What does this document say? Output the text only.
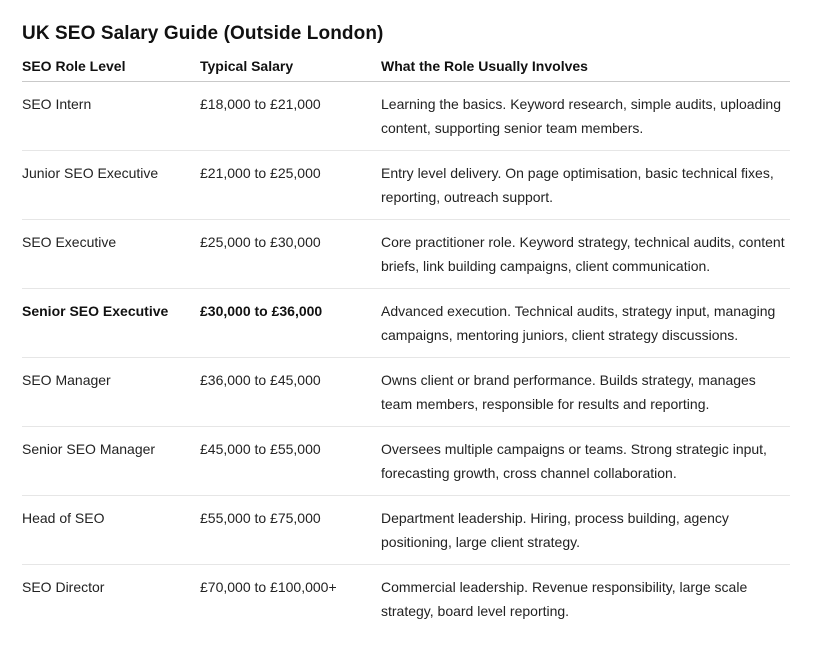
UK SEO Salary Guide (Outside London)
SEO Role Level	Typical Salary	What the Role Usually Involves
SEO Intern	£18,000 to £21,000	Learning the basics. Keyword research, simple audits, uploading content, supporting senior team members.
Junior SEO Executive	£21,000 to £25,000	Entry level delivery. On page optimisation, basic technical fixes, reporting, outreach support.
SEO Executive	£25,000 to £30,000	Core practitioner role. Keyword strategy, technical audits, content briefs, link building campaigns, client communication.
Senior SEO Executive	£30,000 to £36,000	Advanced execution. Technical audits, strategy input, managing campaigns, mentoring juniors, client strategy discussions.
SEO Manager	£36,000 to £45,000	Owns client or brand performance. Builds strategy, manages team members, responsible for results and reporting.
Senior SEO Manager	£45,000 to £55,000	Oversees multiple campaigns or teams. Strong strategic input, forecasting growth, cross channel collaboration.
Head of SEO	£55,000 to £75,000	Department leadership. Hiring, process building, agency positioning, large client strategy.
SEO Director	£70,000 to £100,000+	Commercial leadership. Revenue responsibility, large scale strategy, board level reporting.
